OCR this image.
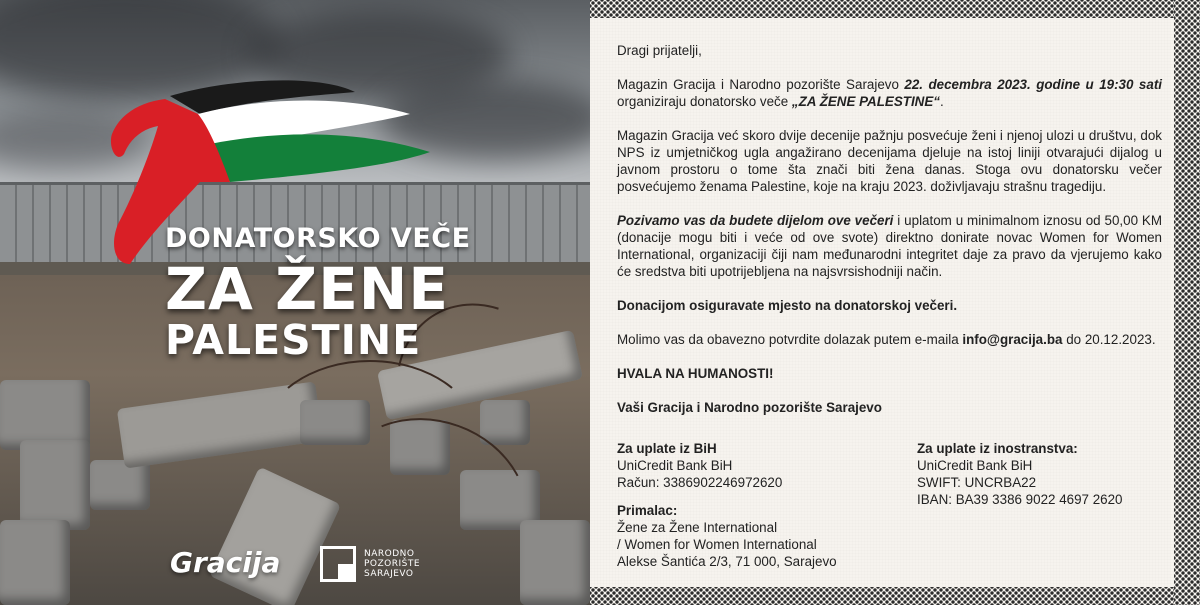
DONATORSKO VEČE
ZA ŽENE
PALESTINE
Gracija	NARODNO
POZORIŠTE
SARAJEVO

Dragi prijatelji,

Magazin Gracija i Narodno pozorište Sarajevo 22. decembra 2023. godine u 19:30 sati organiziraju donatorsko veče „ZA ŽENE PALESTINE“.

Magazin Gracija već skoro dvije decenije pažnju posvećuje ženi i njenoj ulozi u društvu, dok NPS iz umjetničkog ugla angažirano decenijama djeluje na istoj liniji otvarajući dijalog u javnom prostoru o tome šta znači biti žena danas. Stoga ovu donatorsku večer posvećujemo ženama Palestine, koje na kraju 2023. doživljavaju strašnu tragediju.

Pozivamo vas da budete dijelom ove večeri i uplatom u minimalnom iznosu od 50,00 KM (donacije mogu biti i veće od ove svote) direktno donirate novac Women for Women International, organizaciji čiji nam međunarodni integritet daje za pravo da vjerujemo kako će sredstva biti upotrijebljena na najsvrsishodniji način.

Donacijom osiguravate mjesto na donatorskoj večeri.

Molimo vas da obavezno potvrdite dolazak putem e-maila info@gracija.ba do 20.12.2023.

HVALA NA HUMANOSTI!

Vaši Gracija i Narodno pozorište Sarajevo

Za uplate iz BiH
UniCredit Bank BiH
Račun: 3386902246972620
Za uplate iz inostranstva:
UniCredit Bank BiH
SWIFT: UNCRBA22
IBAN: BA39 3386 9022 4697 2620
Primalac:
Žene za Žene International
/ Women for Women International
Alekse Šantića 2/3, 71 000, Sarajevo
